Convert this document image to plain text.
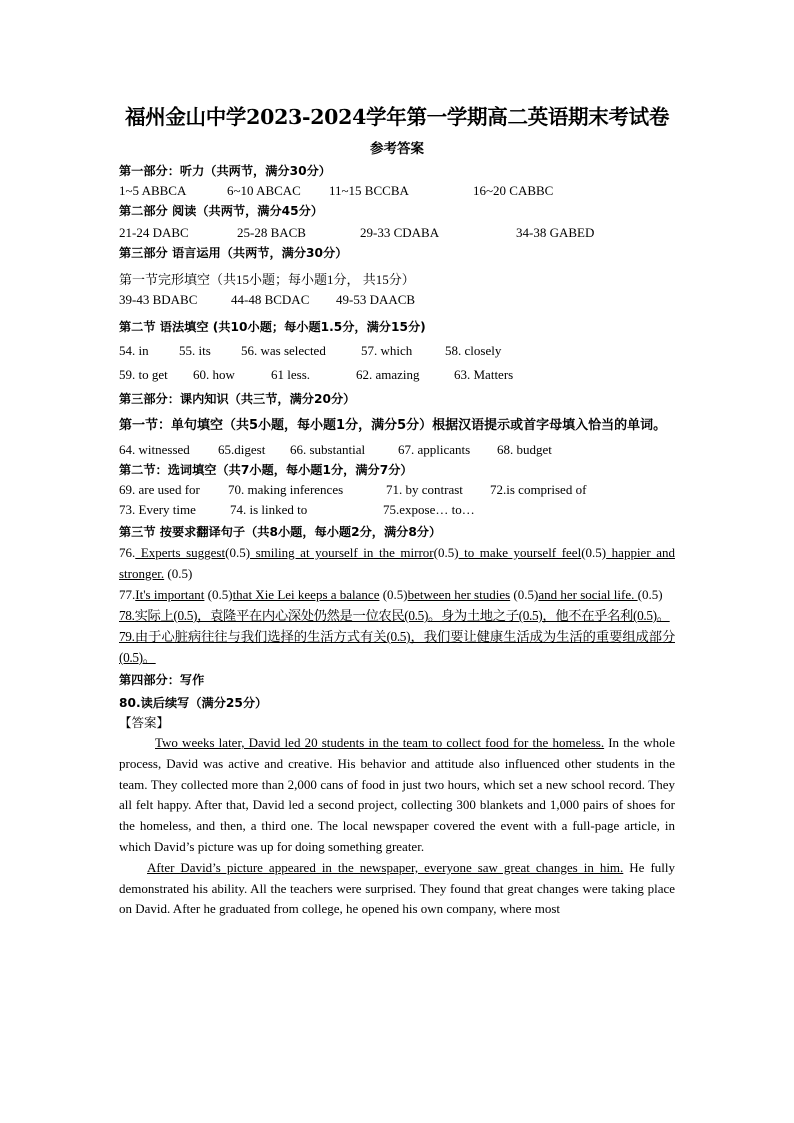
福州金山中学2023-2024学年第一学期高二英语期末考试卷
参考答案
第一部分：听力（共两节，满分30分）
1~5 ABBCA	6~10 ABCAC	11~15 BCCBA	16~20 CABBC
第二部分 阅读（共两节，满分45分）
21-24 DABC	25-28 BACB	29-33 CDABA	34-38 GABED
第三部分 语言运用（共两节，满分30分）
第一节完形填空（共15小题；每小题1分， 共15分）
39-43 BDABC	44-48 BCDAC	49-53 DAACB
第二节 语法填空 (共10小题；每小题1.5分，满分15分)
54. in	55. its	56. was selected	57. which	58. closely
59. to get	60. how	61 less.	62. amazing	63. Matters
第三部分：课内知识（共三节，满分20分）
第一节：单句填空（共5小题，每小题1分，满分5分）根据汉语提示或首字母填入恰当的单词。
64. witnessed	65.digest	66. substantial	67. applicants	68. budget
第二节：选词填空（共7小题，每小题1分，满分7分）
69. are used for	70. making inferences	71. by contrast	72.is comprised of
73. Every time	74. is linked to	75.expose… to…
第三节 按要求翻译句子（共8小题，每小题2分，满分8分）
76. Experts suggest(0.5) smiling at yourself in the mirror(0.5) to make yourself feel(0.5) happier and stronger. (0.5)
77.It's important (0.5)that Xie Lei keeps a balance (0.5)between her studies (0.5)and her social life. (0.5)
78.实际上(0.5)，袁隆平在内心深处仍然是一位农民(0.5)。身为土地之子(0.5)，他不在乎名利(0.5)。
79.由于心脏病往往与我们选择的生活方式有关(0.5)，我们要让健康生活成为生活的重要组成部分(0.5)。
第四部分：写作
80.读后续写（满分25分）
【答案】
Two weeks later, David led 20 students in the team to collect food for the homeless. In the whole process, David was active and creative. His behavior and attitude also influenced other students in the team. They collected more than 2,000 cans of food in just two hours, which set a new school record. They all felt happy. After that, David led a second project, collecting 300 blankets and 1,000 pairs of shoes for the homeless, and then, a third one. The local newspaper covered the event with a full-page article, in which David’s picture was up for doing something greater.
After David’s picture appeared in the newspaper, everyone saw great changes in him. He fully demonstrated his ability. All the teachers were surprised. They found that great changes were taking place on David. After he graduated from college, he opened his own company, where most
